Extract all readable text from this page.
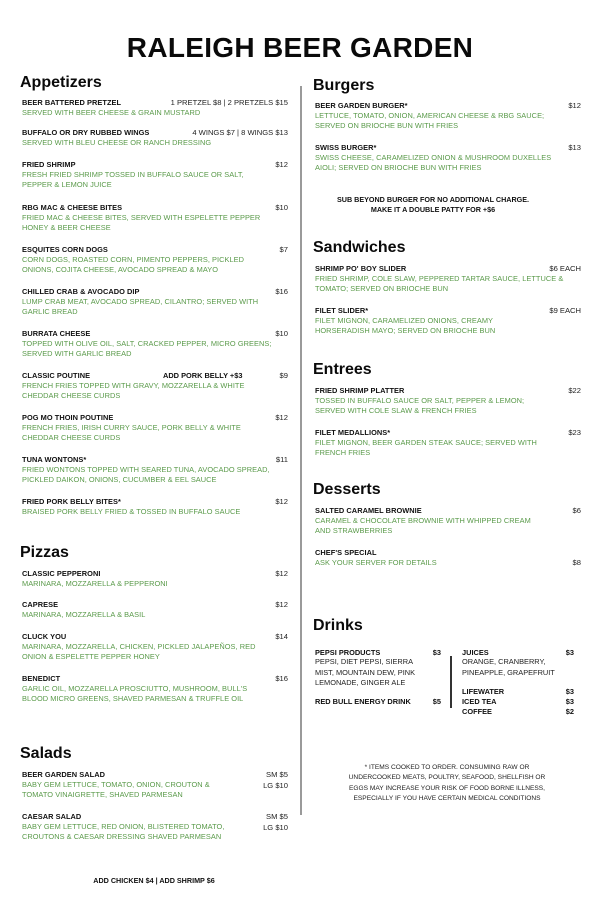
RALEIGH BEER GARDEN
Appetizers
BEER BATTERED PRETZEL	1 PRETZEL $8 | 2 PRETZELS $15
SERVED WITH BEER CHEESE & GRAIN MUSTARD
BUFFALO OR DRY RUBBED WINGS	4 WINGS $7 | 8 WINGS $13
SERVED WITH BLEU CHEESE OR RANCH DRESSING
FRIED SHRIMP	$12
FRESH FRIED SHRIMP TOSSED IN BUFFALO SAUCE OR SALT, PEPPER & LEMON JUICE
RBG MAC & CHEESE BITES	$10
FRIED MAC & CHEESE BITES, SERVED WITH ESPELETTE PEPPER HONEY & BEER CHEESE
ESQUITES CORN DOGS	$7
CORN DOGS, ROASTED CORN, PIMENTO PEPPERS, PICKLED ONIONS, COJITA CHEESE, AVOCADO SPREAD & MAYO
CHILLED CRAB & AVOCADO DIP	$16
LUMP CRAB MEAT, AVOCADO SPREAD, CILANTRO; SERVED WITH GARLIC BREAD
BURRATA CHEESE	$10
TOPPED WITH OLIVE OIL, SALT, CRACKED PEPPER, MICRO GREENS; SERVED WITH GARLIC BREAD
CLASSIC POUTINE	ADD PORK BELLY +$3	$9
FRENCH FRIES TOPPED WITH GRAVY, MOZZARELLA & WHITE CHEDDAR CHEESE CURDS
POG MO THOIN POUTINE	$12
FRENCH FRIES, IRISH CURRY SAUCE, PORK BELLY & WHITE CHEDDAR CHEESE CURDS
TUNA WONTONS*	$11
FRIED WONTONS TOPPED WITH SEARED TUNA, AVOCADO SPREAD, PICKLED DAIKON, ONIONS, CUCUMBER & EEL SAUCE
FRIED PORK BELLY BITES*	$12
BRAISED PORK BELLY FRIED & TOSSED IN BUFFALO SAUCE
Pizzas
CLASSIC PEPPERONI	$12
MARINARA, MOZZARELLA & PEPPERONI
CAPRESE	$12
MARINARA, MOZZARELLA & BASIL
CLUCK YOU	$14
MARINARA, MOZZARELLA, CHICKEN, PICKLED JALAPEÑOS, RED ONION & ESPELETTE PEPPER HONEY
BENEDICT	$16
GARLIC OIL, MOZZARELLA PROSCIUTTO, MUSHROOM, BULL'S BLOOD MICRO GREENS, SHAVED PARMESAN & TRUFFLE OIL
Salads
BEER GARDEN SALAD
BABY GEM LETTUCE, TOMATO, ONION, CROUTON & TOMATO VINAIGRETTE, SHAVED PARMESAN
SM $5
LG $10
CAESAR SALAD
BABY GEM LETTUCE, RED ONION, BLISTERED TOMATO, CROUTONS & CAESAR DRESSING SHAVED PARMESAN
SM $5
LG $10
ADD CHICKEN $4 | ADD SHRIMP $6
Burgers
BEER GARDEN BURGER*	$12
LETTUCE, TOMATO, ONION, AMERICAN CHEESE & RBG SAUCE; SERVED ON BRIOCHE BUN WITH FRIES
SWISS BURGER*	$13
SWISS CHEESE, CARAMELIZED ONION & MUSHROOM DUXELLES AIOLI; SERVED ON BRIOCHE BUN WITH FRIES
SUB BEYOND BURGER FOR NO ADDITIONAL CHARGE.
MAKE IT A DOUBLE PATTY FOR +$6
Sandwiches
SHRIMP PO' BOY SLIDER	$6 EACH
FRIED SHRIMP, COLE SLAW, PEPPERED TARTAR SAUCE, LETTUCE & TOMATO; SERVED ON BRIOCHE BUN
FILET SLIDER*	$9 EACH
FILET MIGNON, CARAMELIZED ONIONS, CREAMY HORSERADISH MAYO; SERVED ON BRIOCHE BUN
Entrees
FRIED SHRIMP PLATTER	$22
TOSSED IN BUFFALO SAUCE OR SALT, PEPPER & LEMON; SERVED WITH COLE SLAW & FRENCH FRIES
FILET MEDALLIONS*	$23
FILET MIGNON, BEER GARDEN STEAK SAUCE; SERVED WITH FRENCH FRIES
Desserts
SALTED CARAMEL BROWNIE	$6
CARAMEL & CHOCOLATE BROWNIE WITH WHIPPED CREAM AND STRAWBERRIES
CHEF'S SPECIAL
ASK YOUR SERVER FOR DETAILS	$8
Drinks
PEPSI PRODUCTS	$3
PEPSI, DIET PEPSI, SIERRA MIST, MOUNTAIN DEW, PINK LEMONADE, GINGER ALE
RED BULL ENERGY DRINK	$5
JUICES	$3
ORANGE, CRANBERRY, PINEAPPLE, GRAPEFRUIT
LIFEWATER	$3
ICED TEA	$3
COFFEE	$2
* ITEMS COOKED TO ORDER. CONSUMING RAW OR
UNDERCOOKED MEATS, POULTRY, SEAFOOD, SHELLFISH OR
EGGS MAY INCREASE YOUR RISK OF FOOD BORNE ILLNESS,
ESPECIALLY IF YOU HAVE CERTAIN MEDICAL CONDITIONS
